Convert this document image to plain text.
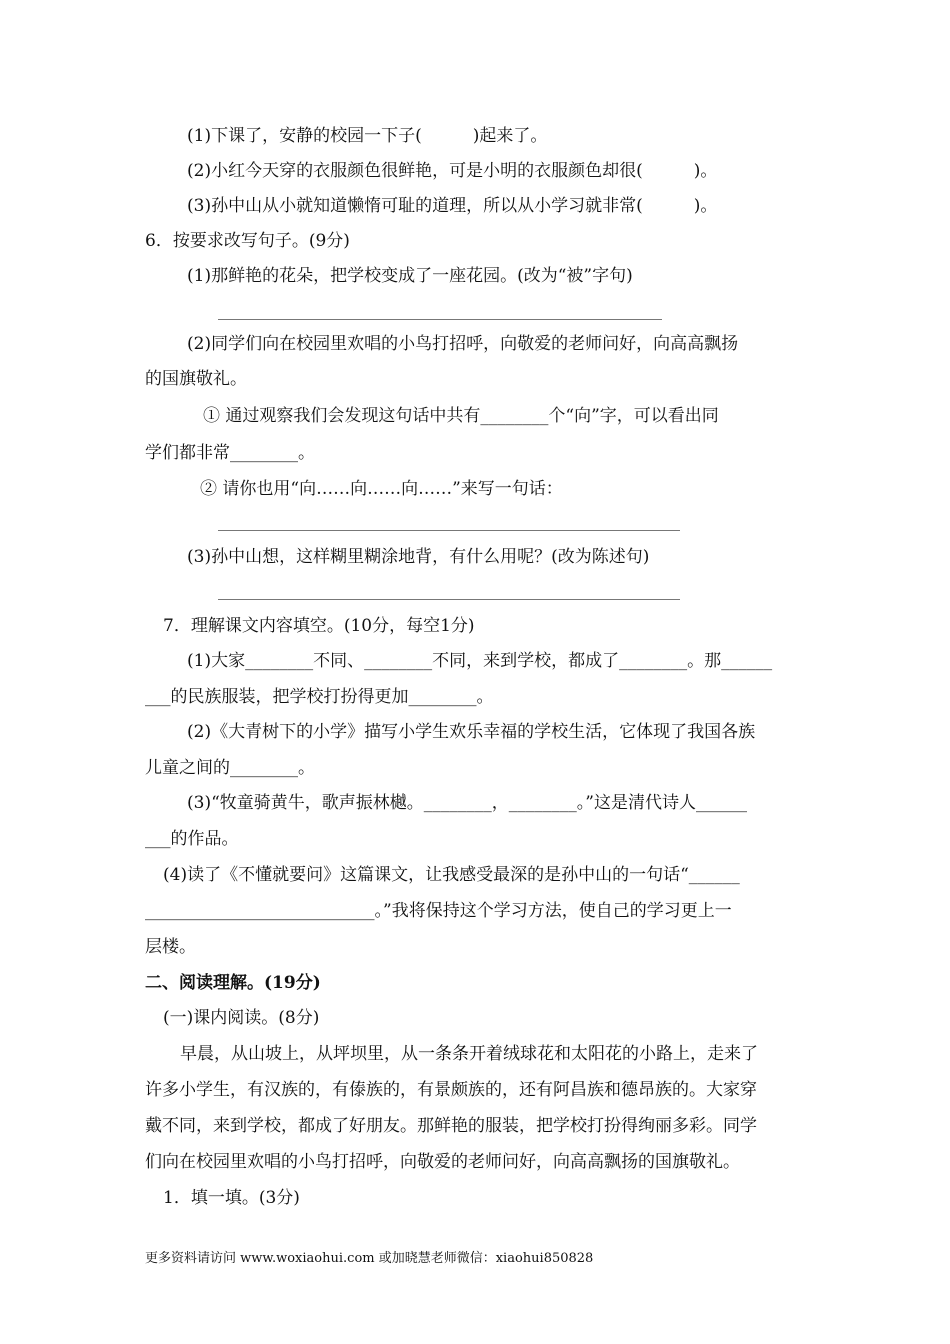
(1)下课了，安静的校园一下子(　　　)起来了。
(2)小红今天穿的衣服颜色很鲜艳，可是小明的衣服颜色却很(　　　)。
(3)孙中山从小就知道懒惰可耻的道理，所以从小学习就非常(　　　)。
6．按要求改写句子。(9分)
(1)那鲜艳的花朵，把学校变成了一座花园。(改为“被”字句)
(2)同学们向在校园里欢唱的小鸟打招呼，向敬爱的老师问好，向高高飘扬
的国旗敬礼。
① 通过观察我们会发现这句话中共有________个“向”字，可以看出同
学们都非常________。
② 请你也用“向……向……向……”来写一句话：
(3)孙中山想，这样糊里糊涂地背，有什么用呢？(改为陈述句)
7．理解课文内容填空。(10分，每空1分)
(1)大家________不同、________不同，来到学校，都成了________。那______
___的民族服装，把学校打扮得更加________。
(2)《大青树下的小学》描写小学生欢乐幸福的学校生活，它体现了我国各族
儿童之间的________。
(3)“牧童骑黄牛，歌声振林樾。________，________。”这是清代诗人______
___的作品。
(4)读了《不懂就要问》这篇课文，让我感受最深的是孙中山的一句话“______
___________________________。”我将保持这个学习方法，使自己的学习更上一
层楼。
二、阅读理解。(19分)
(一)课内阅读。(8分)
早晨，从山坡上，从坪坝里，从一条条开着绒球花和太阳花的小路上，走来了
许多小学生，有汉族的，有傣族的，有景颇族的，还有阿昌族和德昂族的。大家穿
戴不同，来到学校，都成了好朋友。那鲜艳的服装，把学校打扮得绚丽多彩。同学
们向在校园里欢唱的小鸟打招呼，向敬爱的老师问好，向高高飘扬的国旗敬礼。
1．填一填。(3分)
更多资料请访问 www.woxiaohui.com 或加晓慧老师微信：xiaohui850828
